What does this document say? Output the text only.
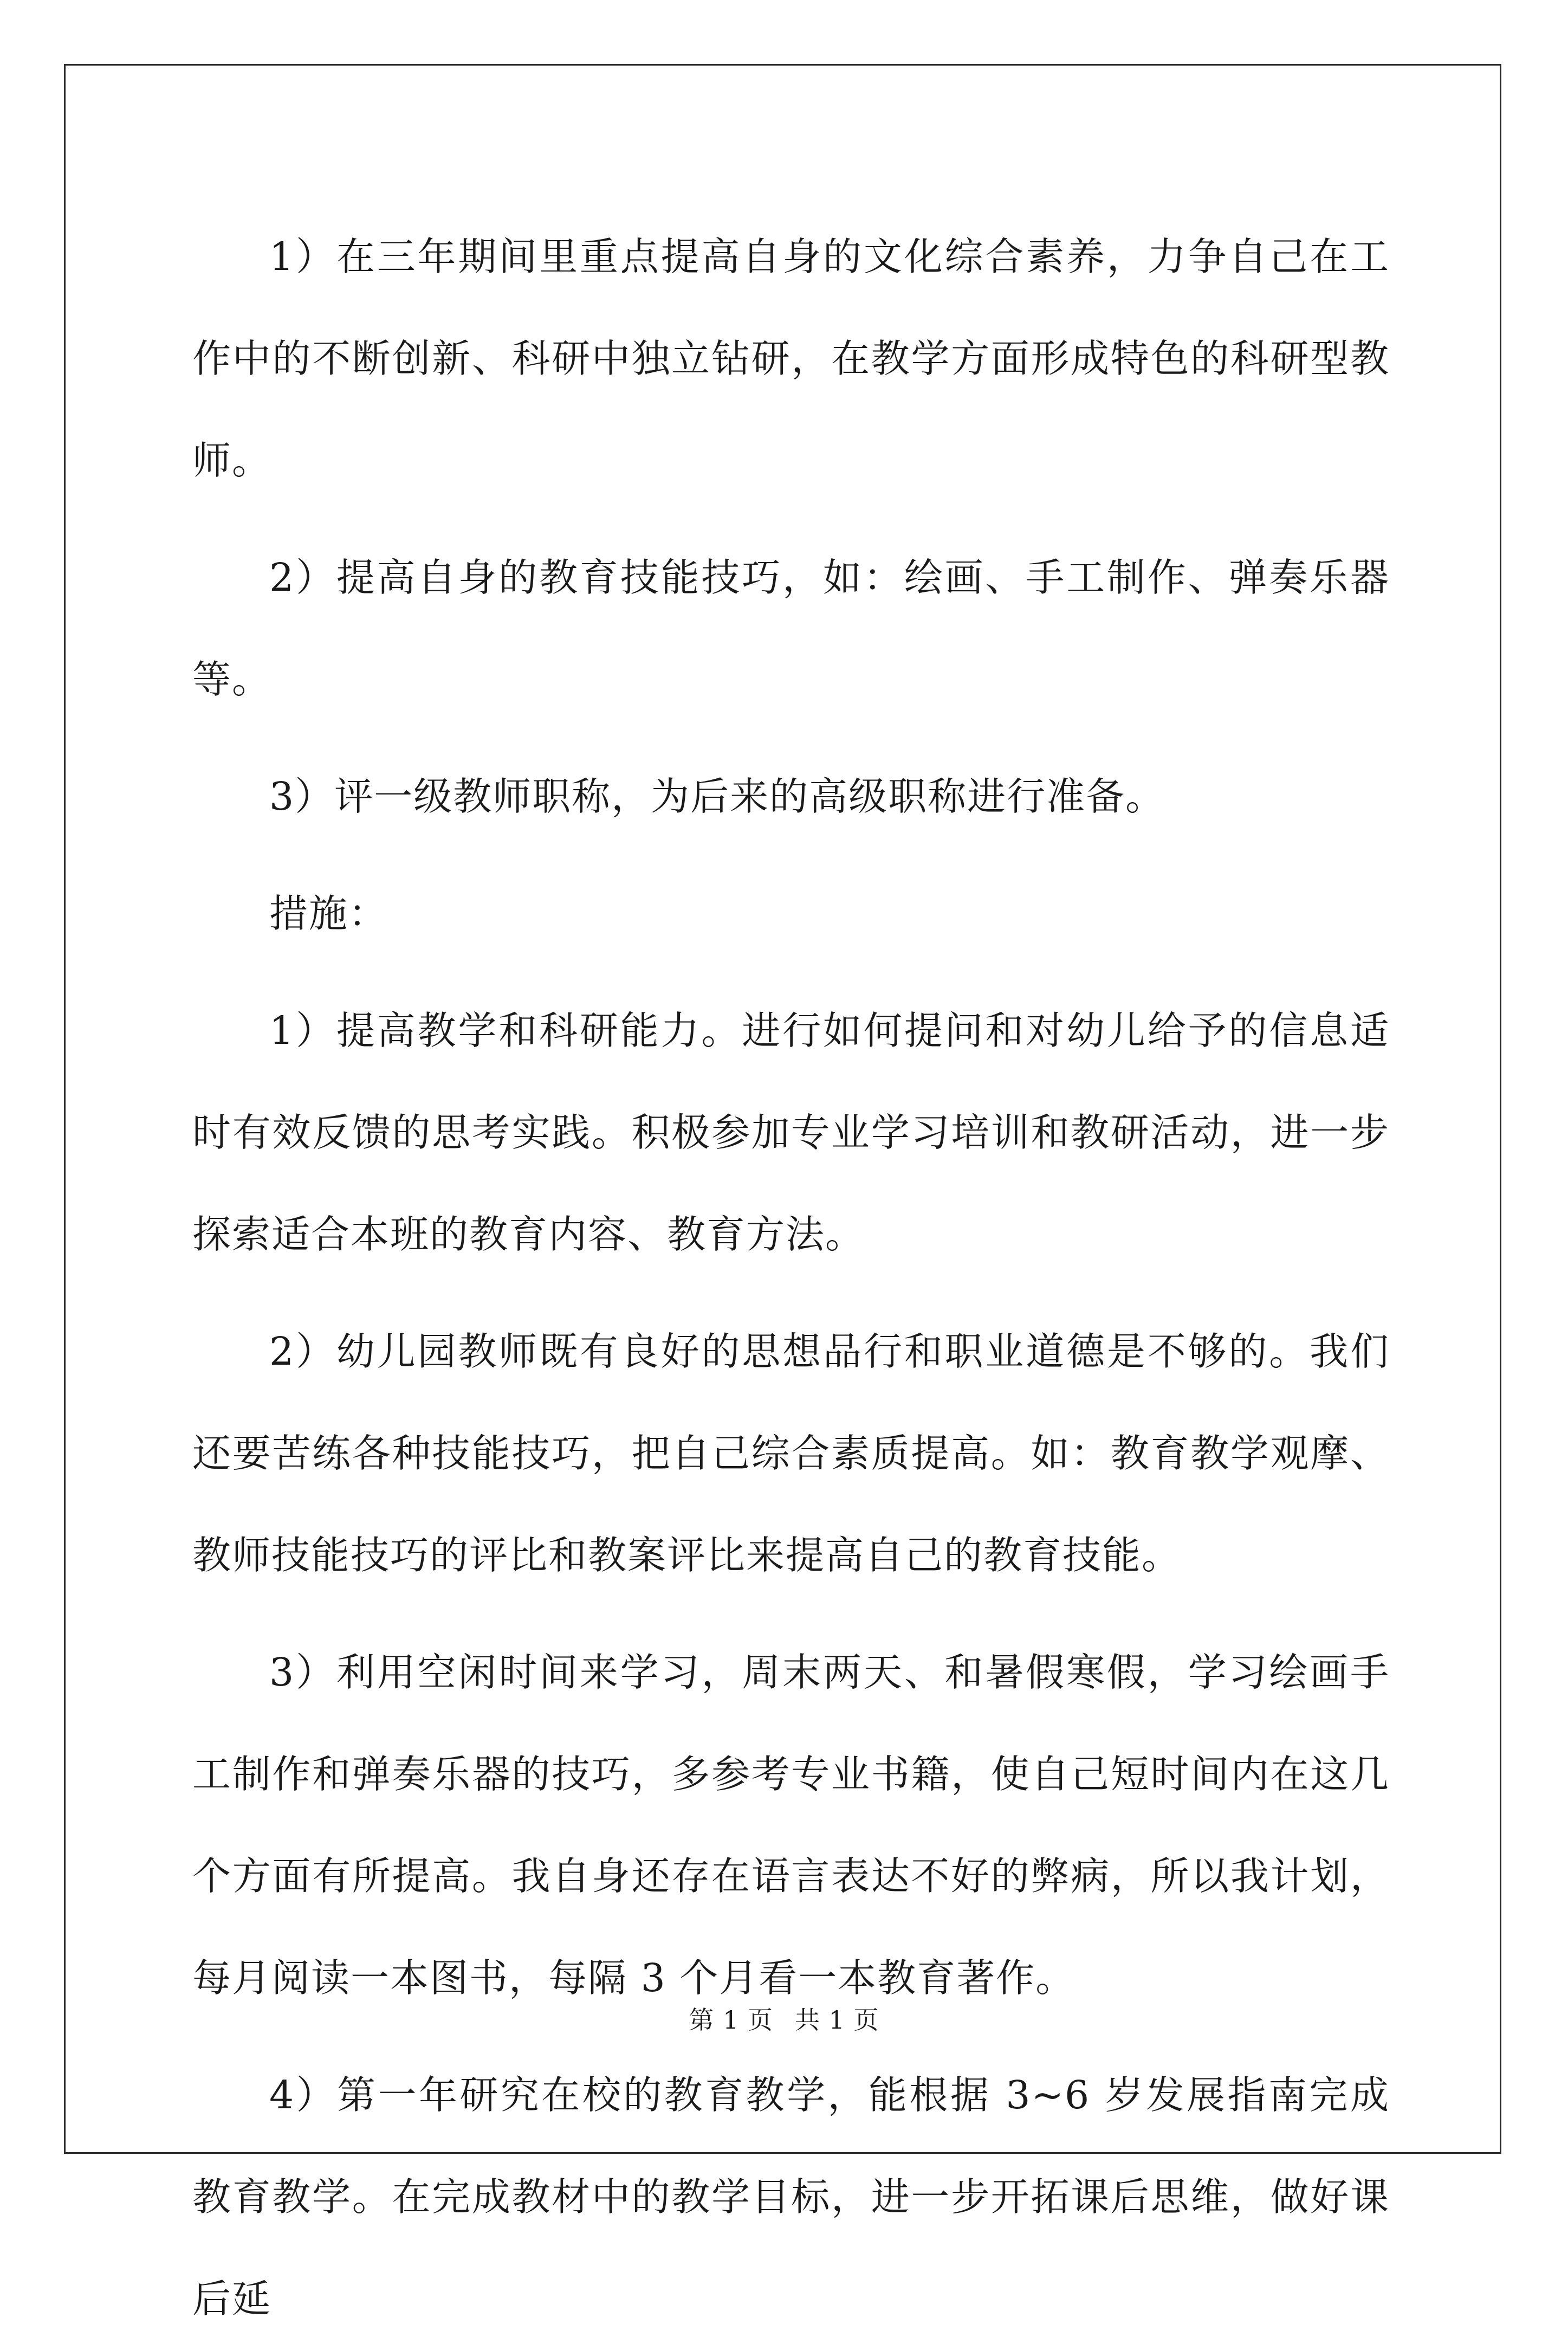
1）在三年期间里重点提高自身的文化综合素养，力争自己在工作中的不断创新、科研中独立钻研，在教学方面形成特色的科研型教师。

2）提高自身的教育技能技巧，如：绘画、手工制作、弹奏乐器等。

3）评一级教师职称，为后来的高级职称进行准备。

措施：

1）提高教学和科研能力。进行如何提问和对幼儿给予的信息适时有效反馈的思考实践。积极参加专业学习培训和教研活动，进一步探索适合本班的教育内容、教育方法。

2）幼儿园教师既有良好的思想品行和职业道德是不够的。我们还要苦练各种技能技巧，把自己综合素质提高。如：教育教学观摩、教师技能技巧的评比和教案评比来提高自己的教育技能。

3）利用空闲时间来学习，周末两天、和暑假寒假，学习绘画手工制作和弹奏乐器的技巧，多参考专业书籍，使自己短时间内在这几个方面有所提高。我自身还存在语言表达不好的弊病，所以我计划，每月阅读一本图书，每隔 3 个月看一本教育著作。

4）第一年研究在校的教育教学，能根据 3~6 岁发展指南完成教育教学。在完成教材中的教学目标，进一步开拓课后思维，做好课后延

第 1 页 共 1 页
